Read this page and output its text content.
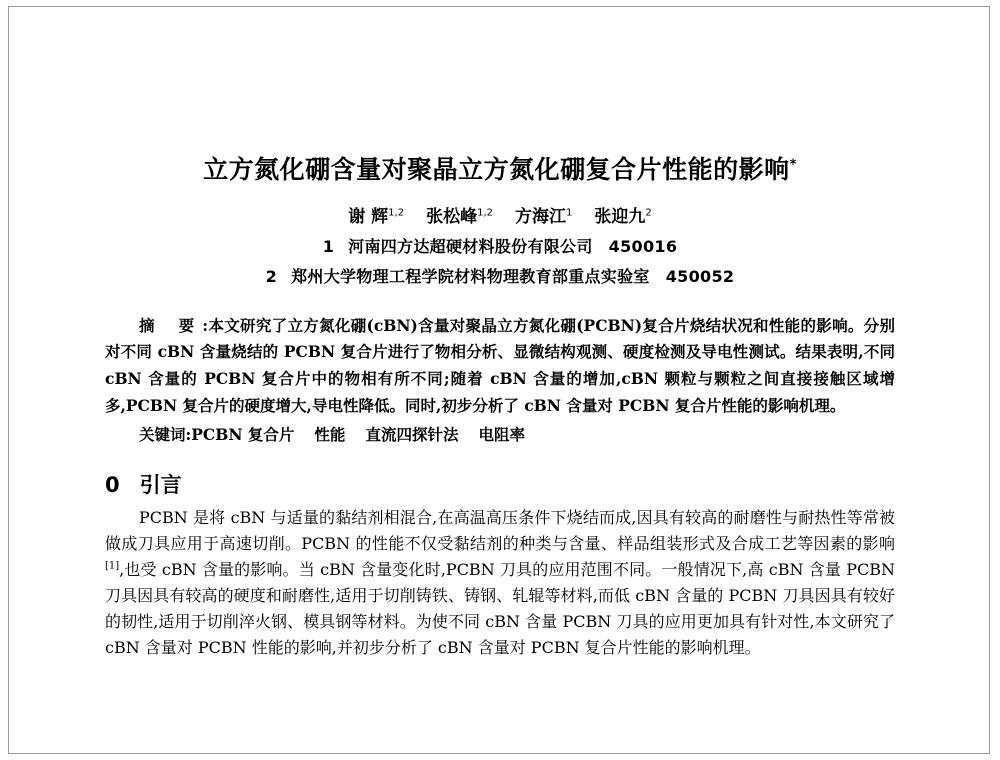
立方氮化硼含量对聚晶立方氮化硼复合片性能的影响*
谢 辉$^{1,2}$ 张松峰$^{1,2}$ 方海江$^1$ 张迎九$^2$
1 河南四方达超硬材料股份有限公司 450016
2 郑州大学物理工程学院材料物理教育部重点实验室 450052
摘　要 :本文研究了立方氮化硼(cBN)含量对聚晶立方氮化硼(PCBN)复合片烧结状况和性能的影响。分别对不同 cBN 含量烧结的 PCBN 复合片进行了物相分析、显微结构观测、硬度检测及导电性测试。结果表明,不同 cBN 含量的 PCBN 复合片中的物相有所不同;随着 cBN 含量的增加,cBN 颗粒与颗粒之间直接接触区域增多,PCBN 复合片的硬度增大,导电性降低。同时,初步分析了 cBN 含量对 PCBN 复合片性能的影响机理。
关键词:PCBN 复合片 性能 直流四探针法 电阻率
0 引言

PCBN 是将 cBN 与适量的黏结剂相混合,在高温高压条件下烧结而成,因具有较高的耐磨性与耐热性等常被做成刀具应用于高速切削。PCBN 的性能不仅受黏结剂的种类与含量、样品组装形式及合成工艺等因素的影响[1],也受 cBN 含量的影响。当 cBN 含量变化时,PCBN 刀具的应用范围不同。一般情况下,高 cBN 含量 PCBN 刀具因具有较高的硬度和耐磨性,适用于切削铸铁、铸钢、轧辊等材料,而低 cBN 含量的 PCBN 刀具因具有较好的韧性,适用于切削淬火钢、模具钢等材料。为使不同 cBN 含量 PCBN 刀具的应用更加具有针对性,本文研究了 cBN 含量对 PCBN 性能的影响,并初步分析了 cBN 含量对 PCBN 复合片性能的影响机理。
